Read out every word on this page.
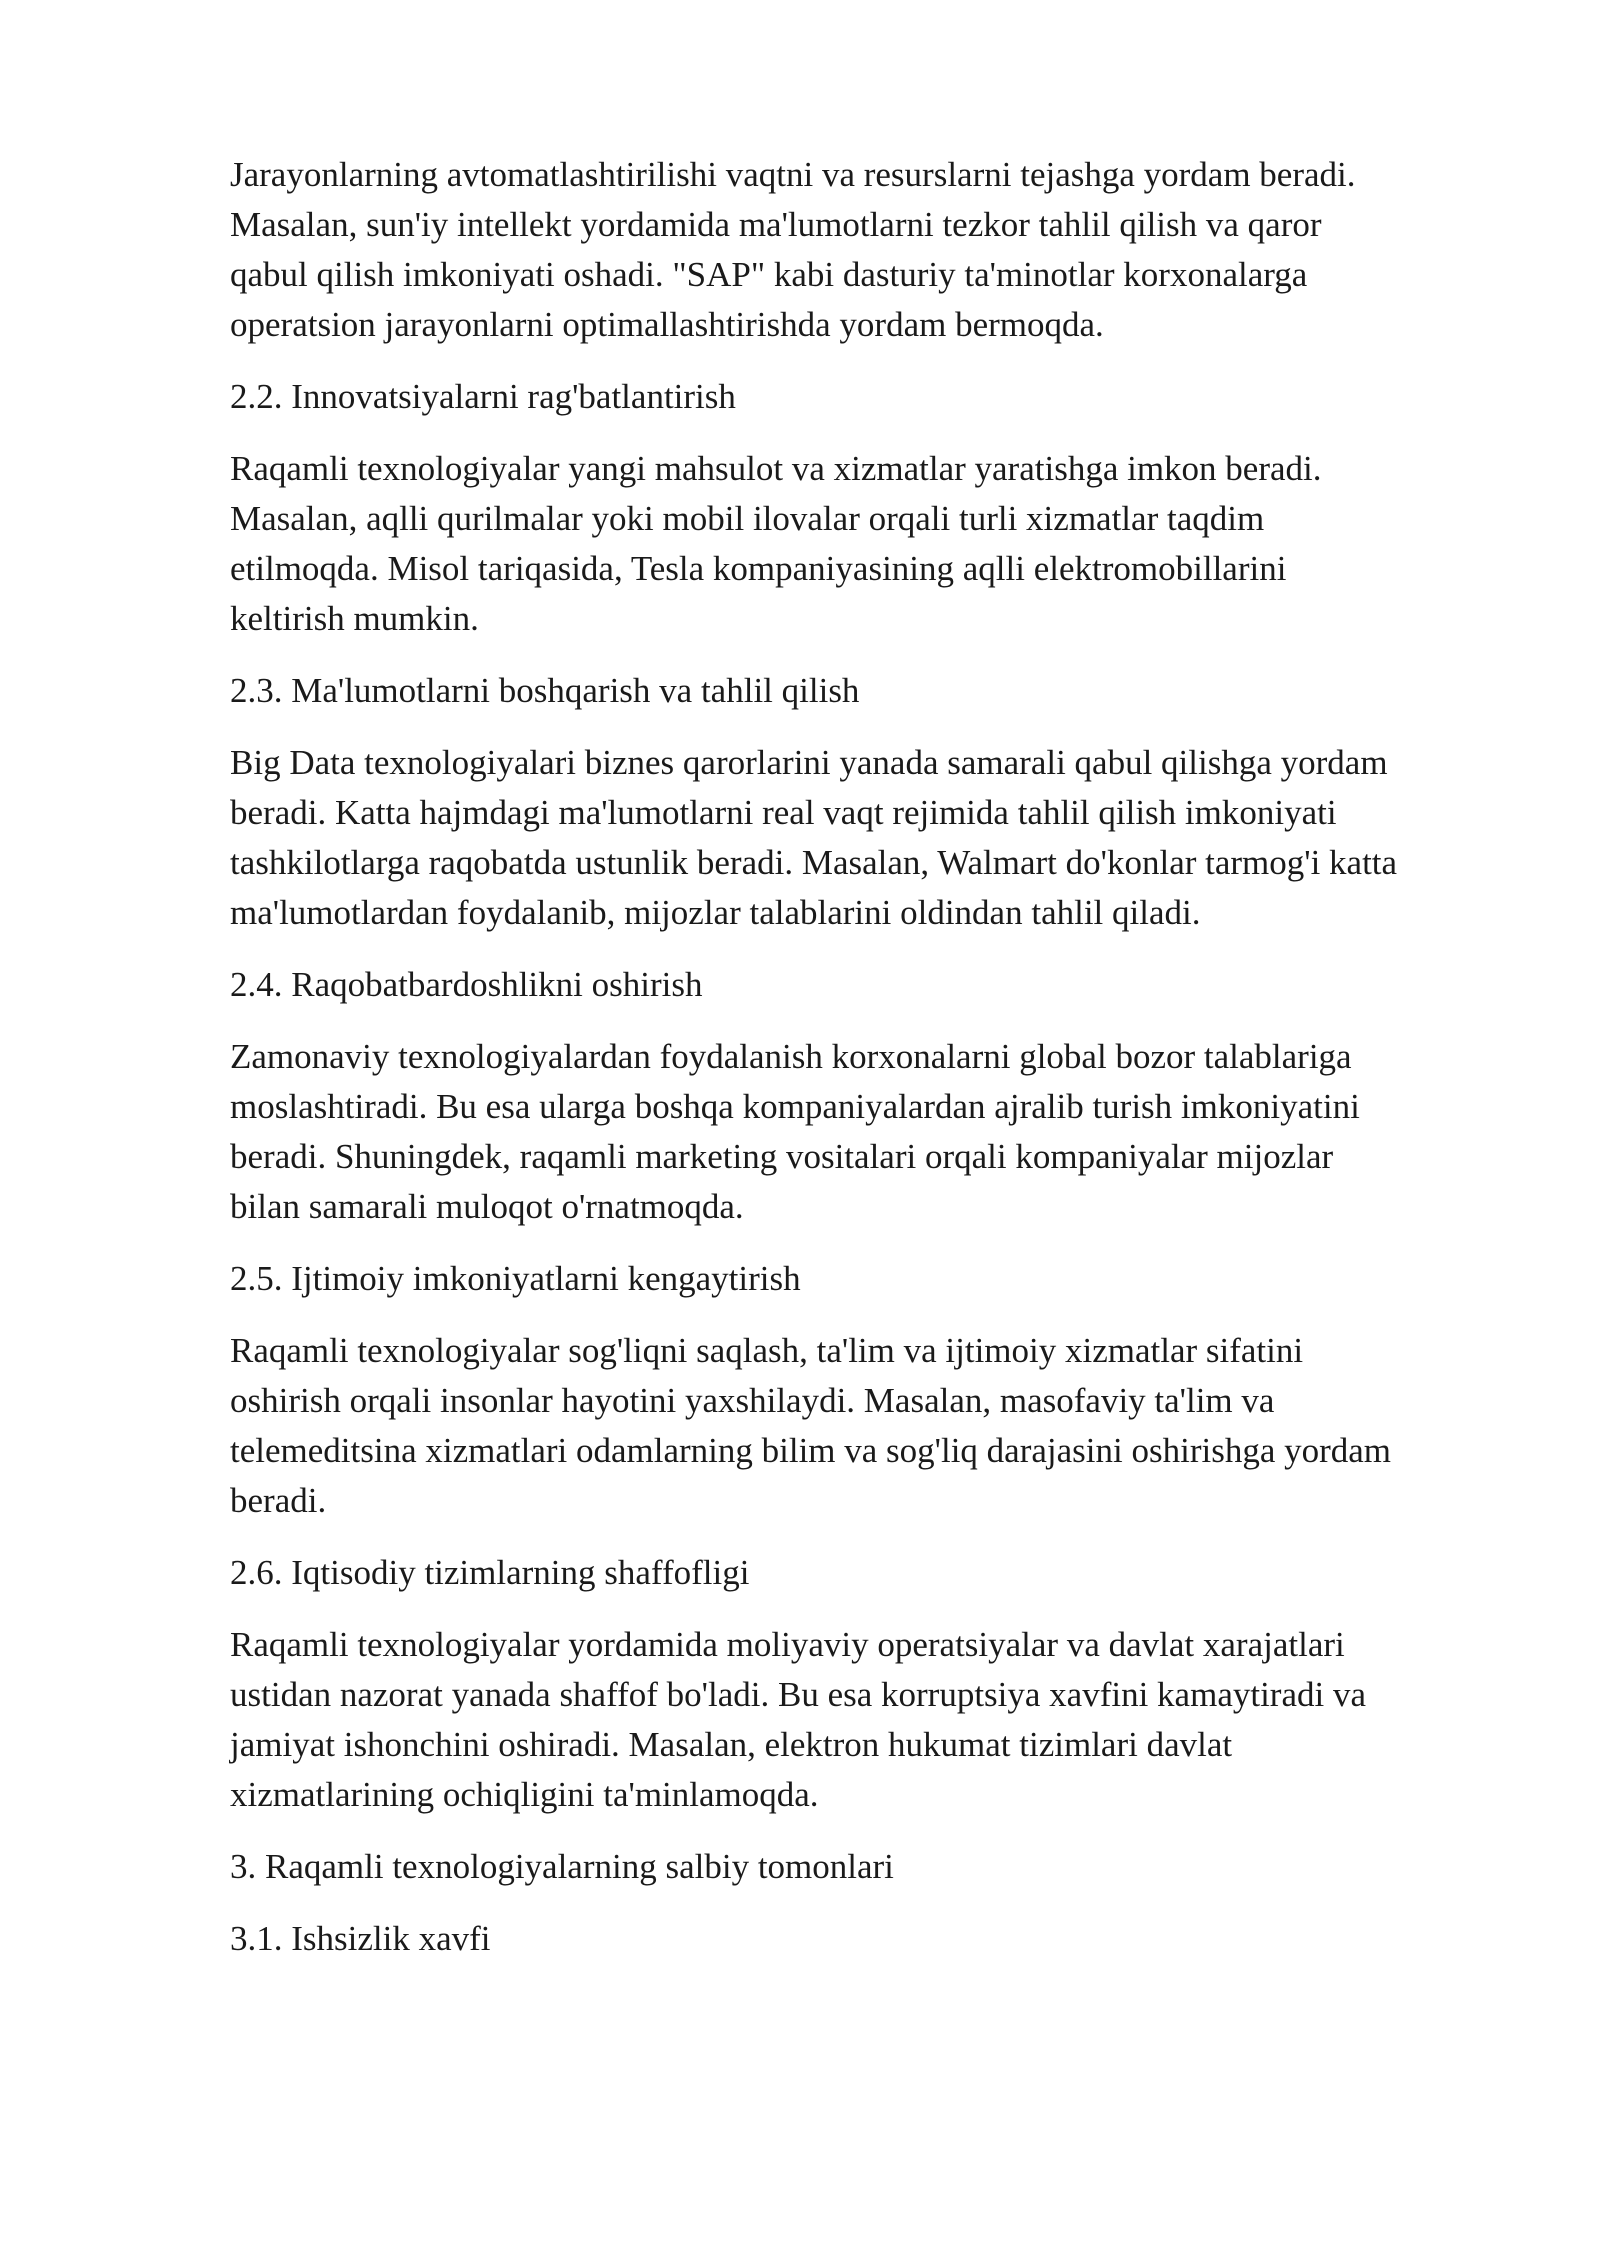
Jarayonlarning avtomatlashtirilishi vaqtni va resurslarni tejashga yordam beradi.
Masalan, sun'iy intellekt yordamida ma'lumotlarni tezkor tahlil qilish va qaror
qabul qilish imkoniyati oshadi. "SAP" kabi dasturiy ta'minotlar korxonalarga
operatsion jarayonlarni optimallashtirishda yordam bermoqda.

2.2. Innovatsiyalarni rag'batlantirish

Raqamli texnologiyalar yangi mahsulot va xizmatlar yaratishga imkon beradi.
Masalan, aqlli qurilmalar yoki mobil ilovalar orqali turli xizmatlar taqdim
etilmoqda. Misol tariqasida, Tesla kompaniyasining aqlli elektromobillarini
keltirish mumkin.

2.3. Ma'lumotlarni boshqarish va tahlil qilish

Big Data texnologiyalari biznes qarorlarini yanada samarali qabul qilishga yordam
beradi. Katta hajmdagi ma'lumotlarni real vaqt rejimida tahlil qilish imkoniyati
tashkilotlarga raqobatda ustunlik beradi. Masalan, Walmart do'konlar tarmog'i katta
ma'lumotlardan foydalanib, mijozlar talablarini oldindan tahlil qiladi.

2.4. Raqobatbardoshlikni oshirish

Zamonaviy texnologiyalardan foydalanish korxonalarni global bozor talablariga
moslashtiradi. Bu esa ularga boshqa kompaniyalardan ajralib turish imkoniyatini
beradi. Shuningdek, raqamli marketing vositalari orqali kompaniyalar mijozlar
bilan samarali muloqot o'rnatmoqda.

2.5. Ijtimoiy imkoniyatlarni kengaytirish

Raqamli texnologiyalar sog'liqni saqlash, ta'lim va ijtimoiy xizmatlar sifatini
oshirish orqali insonlar hayotini yaxshilaydi. Masalan, masofaviy ta'lim va
telemeditsina xizmatlari odamlarning bilim va sog'liq darajasini oshirishga yordam
beradi.

2.6. Iqtisodiy tizimlarning shaffofligi

Raqamli texnologiyalar yordamida moliyaviy operatsiyalar va davlat xarajatlari
ustidan nazorat yanada shaffof bo'ladi. Bu esa korruptsiya xavfini kamaytiradi va
jamiyat ishonchini oshiradi. Masalan, elektron hukumat tizimlari davlat
xizmatlarining ochiqligini ta'minlamoqda.

3. Raqamli texnologiyalarning salbiy tomonlari
3.1. Ishsizlik xavfi
